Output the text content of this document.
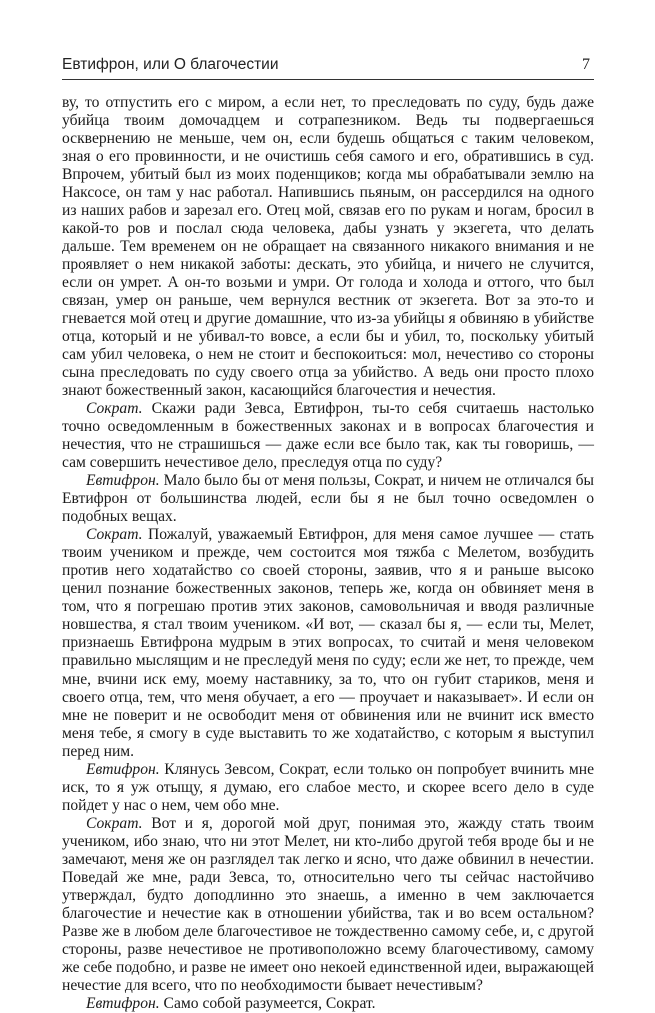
Евтифрон, или О благочестии	7

ву, то отпустить его с миром, а если нет, то преследовать по суду, будь даже убийца твоим домочадцем и сотрапезником. Ведь ты подвергаешься осквернению не меньше, чем он, если будешь общаться с таким человеком, зная о его провинности, и не очистишь себя самого и его, обратившись в суд. Впрочем, убитый был из моих поденщиков; когда мы обрабатывали землю на Наксосе, он там у нас работал. Напившись пьяным, он рассердился на одного из наших рабов и зарезал его. Отец мой, связав его по рукам и ногам, бросил в какой-то ров и послал сюда человека, дабы узнать у экзегета, что делать дальше. Тем временем он не обращает на связанного никакого внимания и не проявляет о нем никакой заботы: дескать, это убийца, и ничего не случится, если он умрет. А он-то возьми и умри. От голода и холода и оттого, что был связан, умер он раньше, чем вернулся вестник от экзегета. Вот за это-то и гневается мой отец и другие домашние, что из-за убийцы я обвиняю в убийстве отца, который и не убивал-то вовсе, а если бы и убил, то, поскольку убитый сам убил человека, о нем не стоит и беспокоиться: мол, нечестиво со стороны сына преследовать по суду своего отца за убийство. А ведь они просто плохо знают божественный закон, касающийся благочестия и нечестия.

Сократ. Скажи ради Зевса, Евтифрон, ты-то себя считаешь настолько точно осведомленным в божественных законах и в вопросах благочестия и нечестия, что не страшишься — даже если все было так, как ты говоришь, — сам совершить нечестивое дело, преследуя отца по суду?

Евтифрон. Мало было бы от меня пользы, Сократ, и ничем не отличался бы Евтифрон от большинства людей, если бы я не был точно осведомлен о подобных вещах.

Сократ. Пожалуй, уважаемый Евтифрон, для меня самое лучшее — стать твоим учеником и прежде, чем состоится моя тяжба с Мелетом, возбудить против него ходатайство со своей стороны, заявив, что я и раньше высоко ценил познание божественных законов, теперь же, когда он обвиняет меня в том, что я погрешаю против этих законов, самовольничая и вводя различные новшества, я стал твоим учеником. «И вот, — сказал бы я, — если ты, Мелет, признаешь Евтифрона мудрым в этих вопросах, то считай и меня человеком правильно мыслящим и не преследуй меня по суду; если же нет, то прежде, чем мне, вчини иск ему, моему наставнику, за то, что он губит стариков, меня и своего отца, тем, что меня обучает, а его — проучает и наказывает». И если он мне не поверит и не освободит меня от обвинения или не вчинит иск вместо меня тебе, я смогу в суде выставить то же ходатайство, с которым я выступил перед ним.

Евтифрон. Клянусь Зевсом, Сократ, если только он попробует вчинить мне иск, то я уж отыщу, я думаю, его слабое место, и скорее всего дело в суде пойдет у нас о нем, чем обо мне.

Сократ. Вот и я, дорогой мой друг, понимая это, жажду стать твоим учеником, ибо знаю, что ни этот Мелет, ни кто-либо другой тебя вроде бы и не замечают, меня же он разглядел так легко и ясно, что даже обвинил в нечестии. Поведай же мне, ради Зевса, то, относительно чего ты сейчас настойчиво утверждал, будто доподлинно это знаешь, а именно в чем заключается благочестие и нечестие как в отношении убийства, так и во всем остальном? Разве же в любом деле благочестивое не тождественно самому себе, и, с другой стороны, разве нечестивое не противоположно всему благочестивому, самому же себе подобно, и разве не имеет оно некоей единственной идеи, выражающей нечестие для всего, что по необходимости бывает нечестивым?

Евтифрон. Само собой разумеется, Сократ.
